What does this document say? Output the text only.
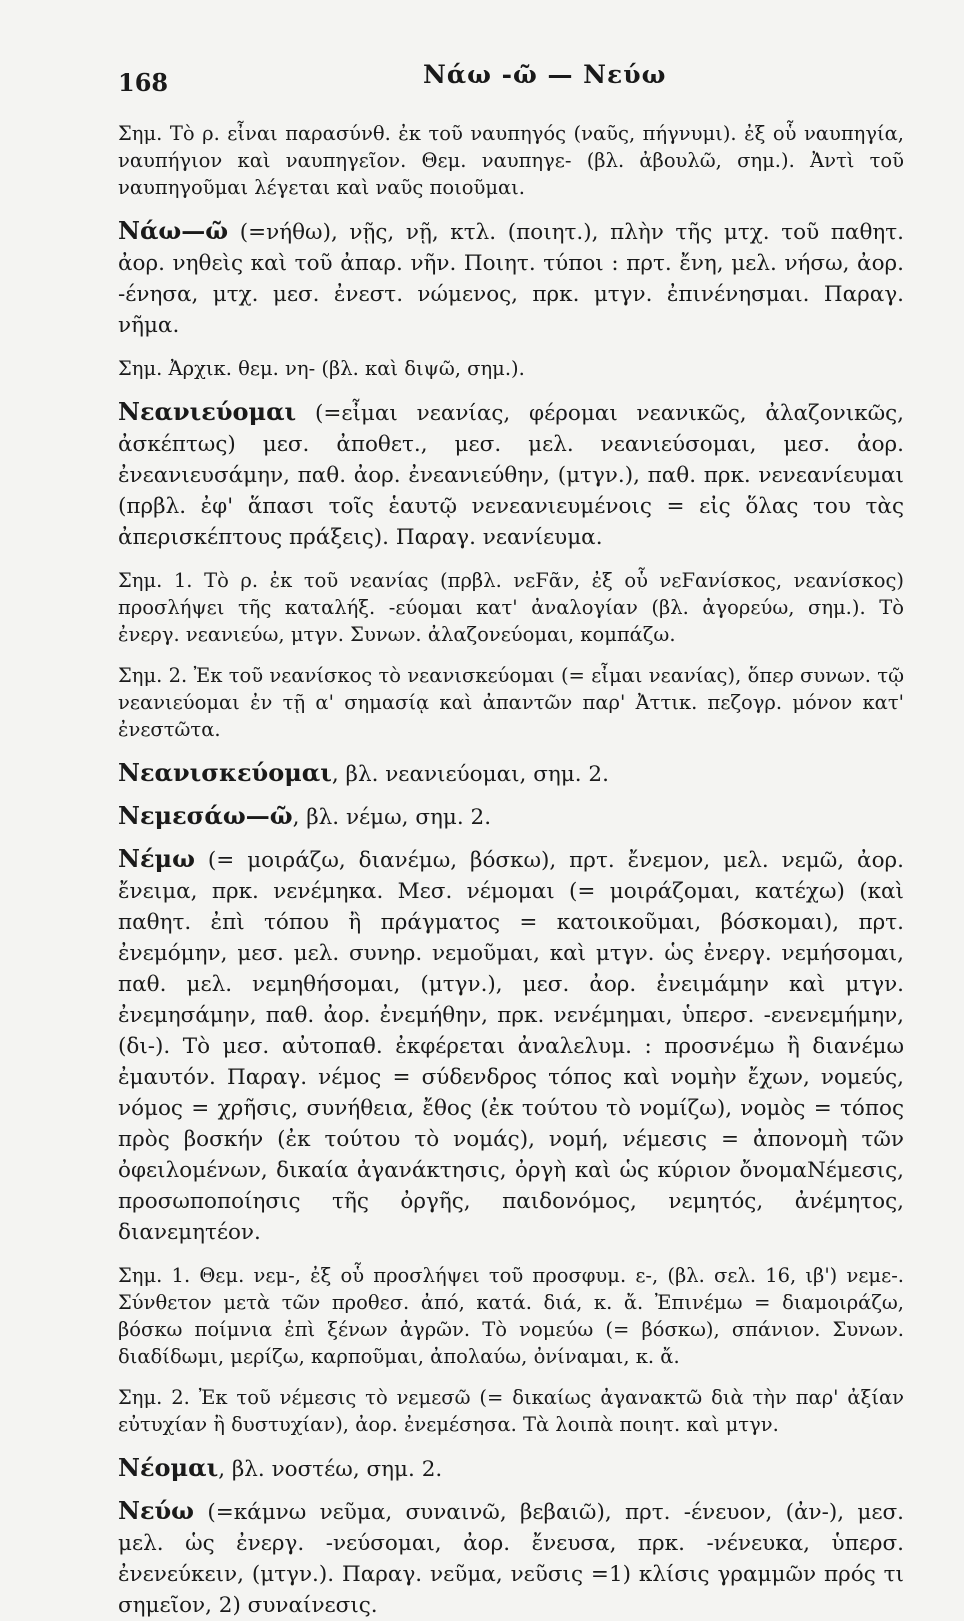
168	Νάω -ῶ — Νεύω

Σημ. Τὸ ρ. εἶναι παρασύνθ. ἐκ τοῦ ναυπηγός (ναῦς, πήγνυμι). ἐξ οὗ ναυπηγία, ναυπήγιον καὶ ναυπηγεῖον. Θεμ. ναυπηγε- (βλ. ἀβουλῶ, σημ.). Ἀντὶ τοῦ ναυπηγοῦμαι λέγεται καὶ ναῦς ποιοῦμαι.

Νάω—ῶ (=νήθω), νῇς, νῇ, κτλ. (ποιητ.), πλὴν τῆς μτχ. τοῦ παθητ. ἀορ. νηθεὶς καὶ τοῦ ἀπαρ. νῆν. Ποιητ. τύποι : πρτ. ἔνη, μελ. νήσω, ἀορ. -ένησα, μτχ. μεσ. ἐνεστ. νώμενος, πρκ. μτγν. ἐπινένησμαι. Παραγ. νῆμα.

Σημ. Ἀρχικ. θεμ. νη- (βλ. καὶ διψῶ, σημ.).

Νεανιεύομαι (=εἶμαι νεανίας, φέρομαι νεανικῶς, ἀλαζονικῶς, ἀσκέπτως) μεσ. ἀποθετ., μεσ. μελ. νεανιεύσομαι, μεσ. ἀορ. ἐνεανιευσάμην, παθ. ἀορ. ἐνεανιεύθην, (μτγν.), παθ. πρκ. νενεανίευμαι (πρβλ. ἐφ' ἅπασι τοῖς ἑαυτῷ νενεανιευμένοις = εἰς ὅλας του τὰς ἀπερισκέπτους πράξεις). Παραγ. νεανίευμα.

Σημ. 1. Τὸ ρ. ἐκ τοῦ νεανίας (πρβλ. νεϜᾶν, ἐξ οὗ νεϜανίσκος, νεανίσκος) προσλήψει τῆς καταλήξ. -εύομαι κατ' ἀναλογίαν (βλ. ἀγορεύω, σημ.). Τὸ ἐνεργ. νεανιεύω, μτγν. Συνων. ἀλαζονεύομαι, κομπάζω.

Σημ. 2. Ἐκ τοῦ νεανίσκος τὸ νεανισκεύομαι (= εἶμαι νεανίας), ὅπερ συνων. τῷ νεανιεύομαι ἐν τῇ α' σημασίᾳ καὶ ἀπαντῶν παρ' Ἀττικ. πεζογρ. μόνον κατ' ἐνεστῶτα.

Νεανισκεύομαι, βλ. νεανιεύομαι, σημ. 2.

Νεμεσάω—ῶ, βλ. νέμω, σημ. 2.

Νέμω (= μοιράζω, διανέμω, βόσκω), πρτ. ἔνεμον, μελ. νεμῶ, ἀορ. ἔνειμα, πρκ. νενέμηκα. Μεσ. νέμομαι (= μοιράζομαι, κατέχω) (καὶ παθητ. ἐπὶ τόπου ἢ πράγματος = κατοικοῦμαι, βόσκομαι), πρτ. ἐνεμόμην, μεσ. μελ. συνηρ. νεμοῦμαι, καὶ μτγν. ὡς ἐνεργ. νεμήσομαι, παθ. μελ. νεμηθήσομαι, (μτγν.), μεσ. ἀορ. ἐνειμάμην καὶ μτγν. ἐνεμησάμην, παθ. ἀορ. ἐνεμήθην, πρκ. νενέμημαι, ὑπερσ. -ενενεμήμην, (δι-). Τὸ μεσ. αὐτοπαθ. ἐκφέρεται ἀναλελυμ. : προσνέμω ἢ διανέμω ἐμαυτόν. Παραγ. νέμος = σύδενδρος τόπος καὶ νομὴν ἔχων, νομεύς, νόμος = χρῆσις, συνήθεια, ἔθος (ἐκ τούτου τὸ νομίζω), νομὸς = τόπος πρὸς βοσκήν (ἐκ τούτου τὸ νομάς), νομή, νέμεσις = ἀπονομὴ τῶν ὀφειλομένων, δικαία ἀγανάκτησις, ὀργὴ καὶ ὡς κύριον ὄνομαΝέμεσις, προσωποποίησις τῆς ὀργῆς, παιδονόμος, νεμητός, ἀνέμητος, διανεμητέον.

Σημ. 1. Θεμ. νεμ-, ἐξ οὗ προσλήψει τοῦ προσφυμ. ε-, (βλ. σελ. 16, ιβ') νεμε-. Σύνθετον μετὰ τῶν προθεσ. ἀπό, κατά. διά, κ. ἄ. Ἐπινέμω = διαμοιράζω, βόσκω ποίμνια ἐπὶ ξένων ἀγρῶν. Τὸ νομεύω (= βόσκω), σπάνιον. Συνων. διαδίδωμι, μερίζω, καρποῦμαι, ἀπολαύω, ὀνίναμαι, κ. ἄ.

Σημ. 2. Ἐκ τοῦ νέμεσις τὸ νεμεσῶ (= δικαίως ἀγανακτῶ διὰ τὴν παρ' ἀξίαν εὐτυχίαν ἢ δυστυχίαν), ἀορ. ἐνεμέσησα. Τὰ λοιπὰ ποιητ. καὶ μτγν.

Νέομαι, βλ. νοστέω, σημ. 2.

Νεύω (=κάμνω νεῦμα, συναινῶ, βεβαιῶ), πρτ. -ένευον, (ἀν-), μεσ. μελ. ὡς ἐνεργ. -νεύσομαι, ἀορ. ἔνευσα, πρκ. -νένευκα, ὑπερσ. ἐνενεύκειν, (μτγν.). Παραγ. νεῦμα, νεῦσις =1) κλίσις γραμμῶν πρός τι σημεῖον, 2) συναίνεσις.
